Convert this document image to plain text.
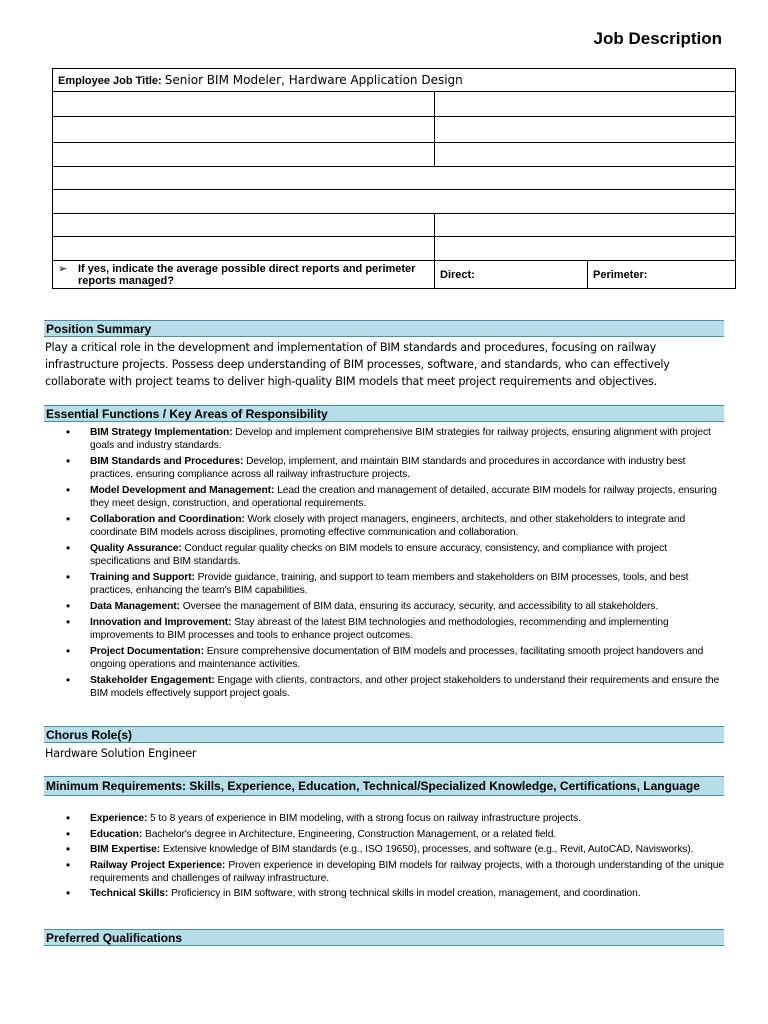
Job Description
Employee Job Title: Senior BIM Modeler, Hardware Application Design		

➢ If yes, indicate the average possible direct reports and perimeter reports managed?	Direct:	Perimeter:
Position Summary
Play a critical role in the development and implementation of BIM standards and procedures, focusing on railway infrastructure projects. Possess deep understanding of BIM processes, software, and standards, who can effectively collaborate with project teams to deliver high-quality BIM models that meet project requirements and objectives.
Essential Functions / Key Areas of Responsibility
• BIM Strategy Implementation: Develop and implement comprehensive BIM strategies for railway projects, ensuring alignment with project goals and industry standards.
• BIM Standards and Procedures: Develop, implement, and maintain BIM standards and procedures in accordance with industry best practices, ensuring compliance across all railway infrastructure projects.
• Model Development and Management: Lead the creation and management of detailed, accurate BIM models for railway projects, ensuring they meet design, construction, and operational requirements.
• Collaboration and Coordination: Work closely with project managers, engineers, architects, and other stakeholders to integrate and coordinate BIM models across disciplines, promoting effective communication and collaboration.
• Quality Assurance: Conduct regular quality checks on BIM models to ensure accuracy, consistency, and compliance with project specifications and BIM standards.
• Training and Support: Provide guidance, training, and support to team members and stakeholders on BIM processes, tools, and best practices, enhancing the team's BIM capabilities.
• Data Management: Oversee the management of BIM data, ensuring its accuracy, security, and accessibility to all stakeholders.
• Innovation and Improvement: Stay abreast of the latest BIM technologies and methodologies, recommending and implementing improvements to BIM processes and tools to enhance project outcomes.
• Project Documentation: Ensure comprehensive documentation of BIM models and processes, facilitating smooth project handovers and ongoing operations and maintenance activities.
• Stakeholder Engagement: Engage with clients, contractors, and other project stakeholders to understand their requirements and ensure the BIM models effectively support project goals.
Chorus Role(s)
Hardware Solution Engineer
Minimum Requirements: Skills, Experience, Education, Technical/Specialized Knowledge, Certifications, Language
• Experience: 5 to 8 years of experience in BIM modeling, with a strong focus on railway infrastructure projects.
• Education: Bachelor's degree in Architecture, Engineering, Construction Management, or a related field.
• BIM Expertise: Extensive knowledge of BIM standards (e.g., ISO 19650), processes, and software (e.g., Revit, AutoCAD, Navisworks).
• Railway Project Experience: Proven experience in developing BIM models for railway projects, with a thorough understanding of the unique requirements and challenges of railway infrastructure.
• Technical Skills: Proficiency in BIM software, with strong technical skills in model creation, management, and coordination.
Preferred Qualifications
